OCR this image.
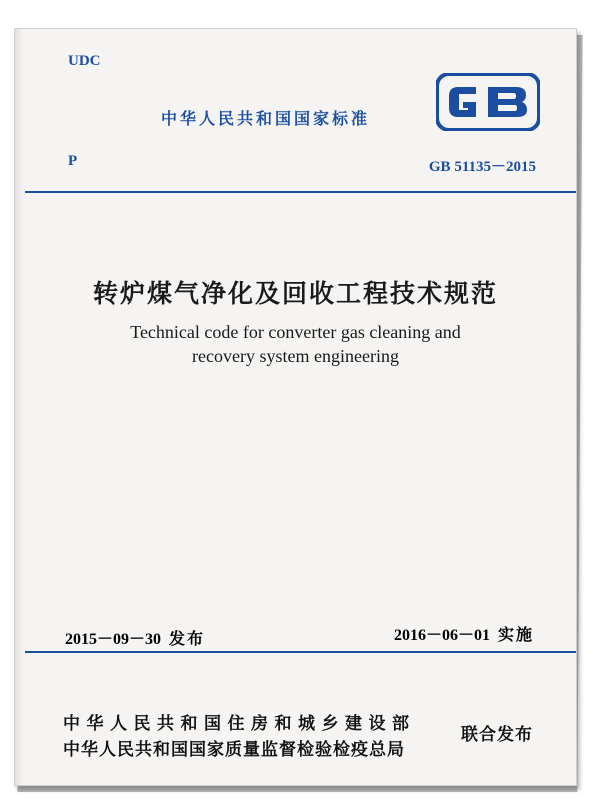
UDC
中华人民共和国国家标准
P	GB 51135－2015
转炉煤气净化及回收工程技术规范
Technical code for converter gas cleaning and
recovery system engineering
2015－09－30 发布	2016－06－01 实施
中华人民共和国住房和城乡建设部
中华人民共和国国家质量监督检验检疫总局
联合发布
